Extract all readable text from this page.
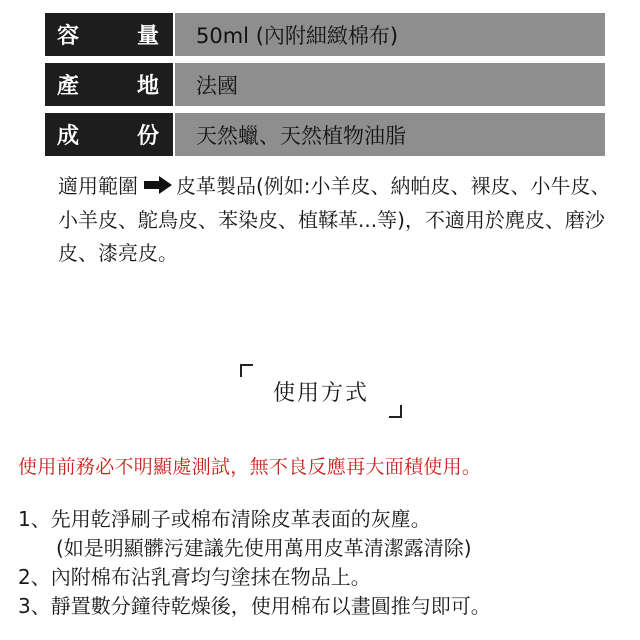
容	量	50ml (內附細緻棉布)
產	地	法國
成	份	天然蠟、天然植物油脂
適用範圍 皮革製品(例如:小羊皮、納帕皮、裸皮、小牛皮、小羊皮、鴕鳥皮、苯染皮、植鞣革...等)，不適用於麂皮、磨沙皮、漆亮皮。
使用方式
使用前務必不明顯處測試，無不良反應再大面積使用。
1、先用乾淨刷子或棉布清除皮革表面的灰塵。
(如是明顯髒污建議先使用萬用皮革清潔露清除)
2、內附棉布沾乳膏均勻塗抹在物品上。
3、靜置數分鐘待乾燥後，使用棉布以畫圓推勻即可。
